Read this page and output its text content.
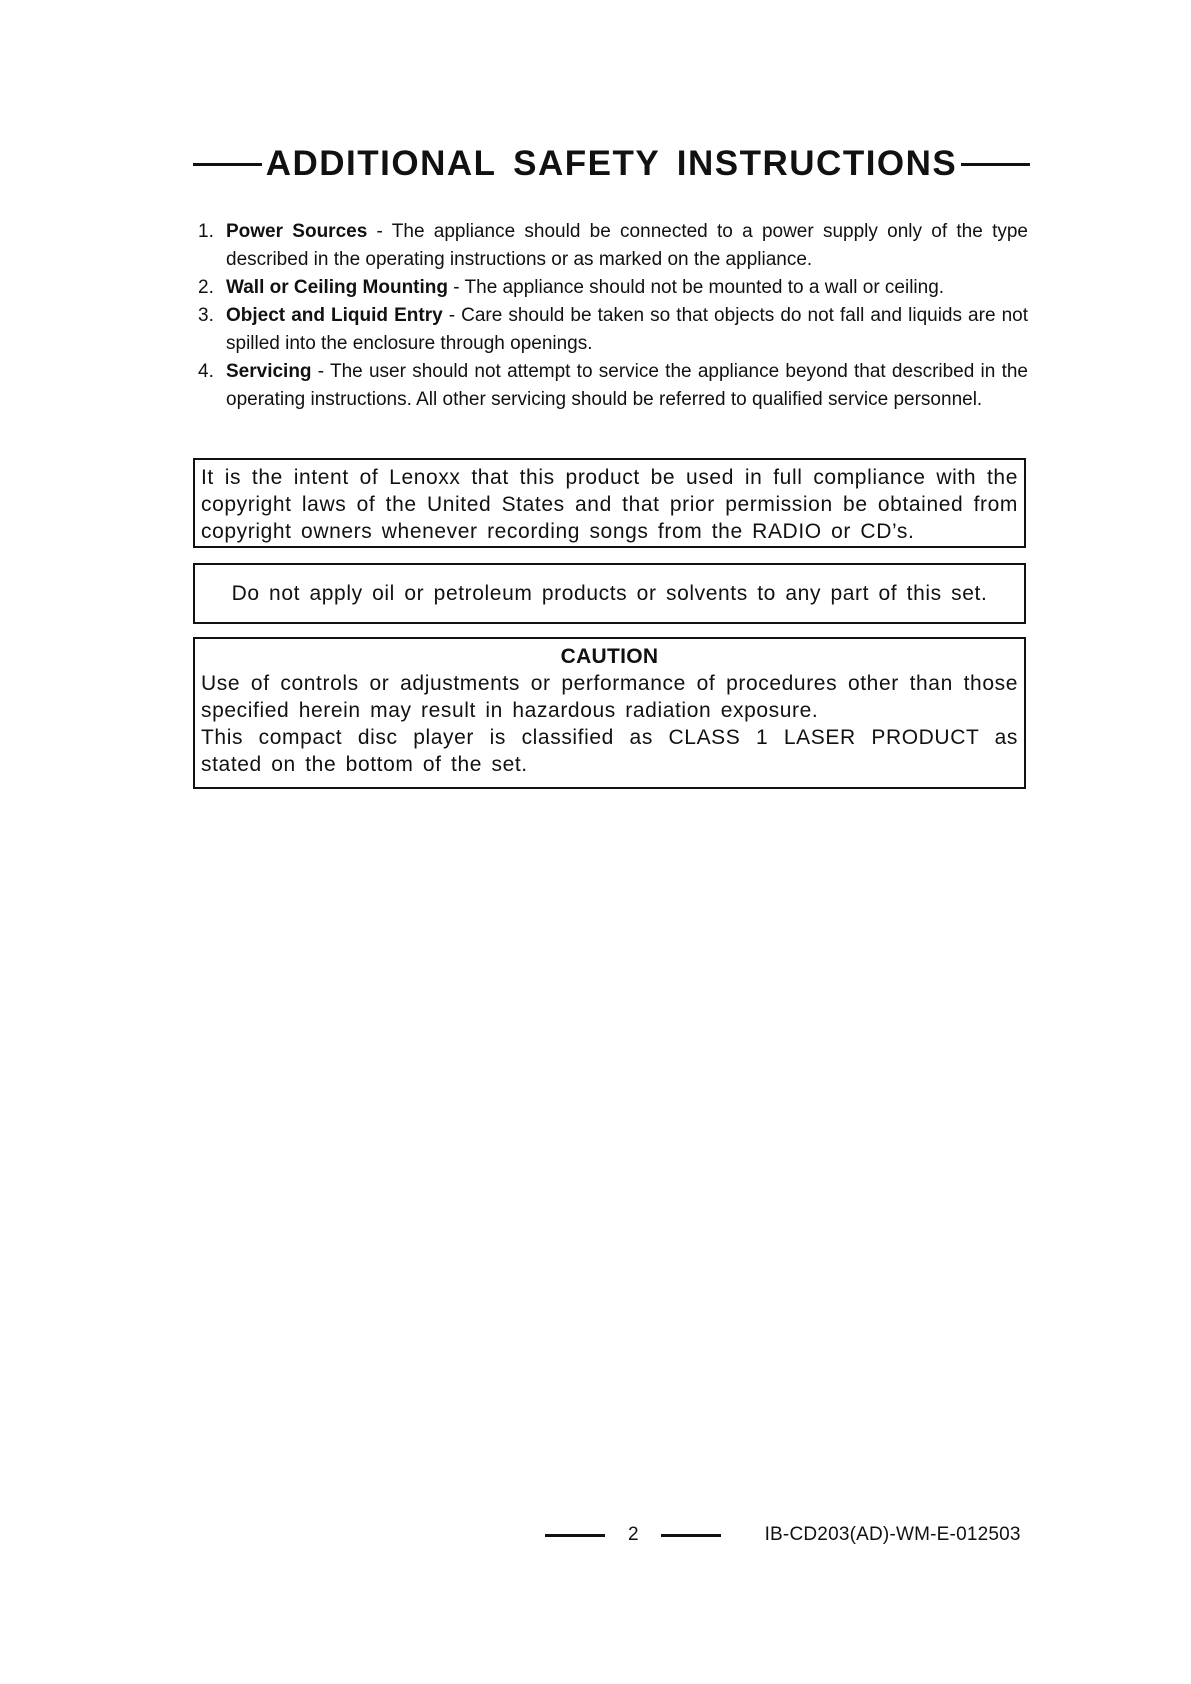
ADDITIONAL SAFETY INSTRUCTIONS
1. Power Sources - The appliance should be connected to a power supply only of the type described in the operating instructions or as marked on the appliance.
2. Wall or Ceiling Mounting - The appliance should not be mounted to a wall or ceiling.
3. Object and Liquid Entry - Care should be taken so that objects do not fall and liquids are not spilled into the enclosure through openings.
4. Servicing - The user should not attempt to service the appliance beyond that described in the operating instructions. All other servicing should be referred to qualified service personnel.
It is the intent of Lenoxx that this product be used in full compliance with the copyright laws of the United States and that prior permission be obtained from copyright owners whenever recording songs from the RADIO or CD’s.
Do not apply oil or petroleum products or solvents to any part of this set.
CAUTION

Use of controls or adjustments or performance of procedures other than those specified herein may result in hazardous radiation exposure.

This compact disc player is classified as CLASS 1 LASER PRODUCT as stated on the bottom of the set.

2	IB-CD203(AD)-WM-E-012503
